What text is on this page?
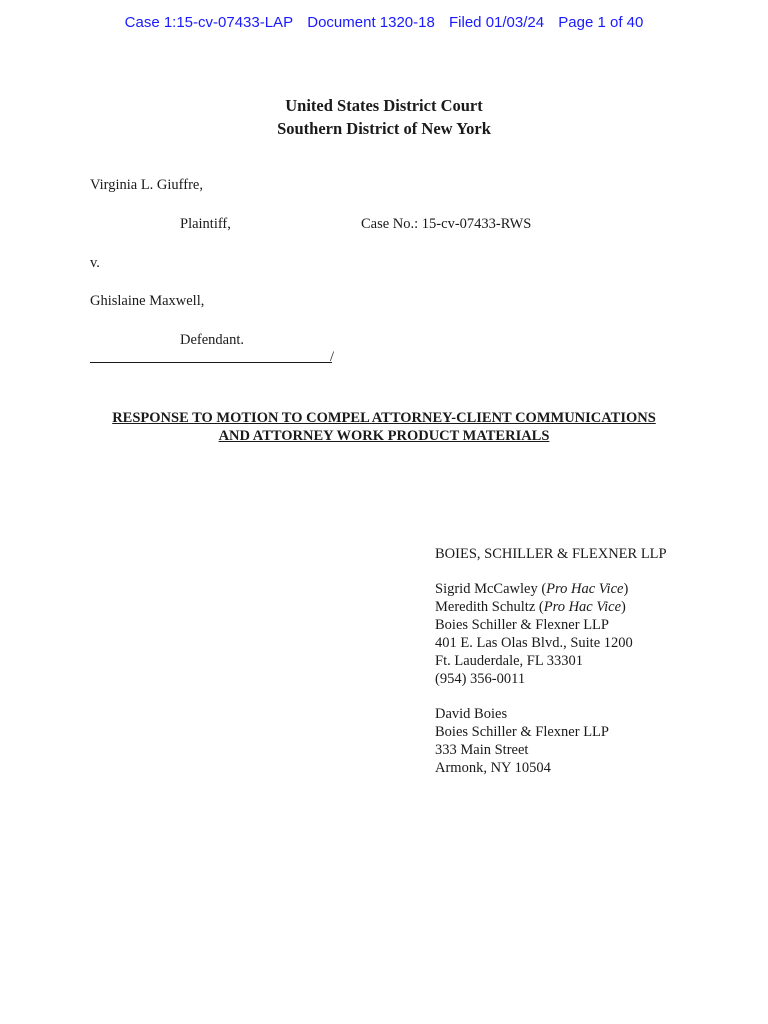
Case 1:15-cv-07433-LAP Document 1320-18 Filed 01/03/24 Page 1 of 40
United States District Court
Southern District of New York
Virginia L. Giuffre,
Plaintiff,	Case No.: 15-cv-07433-RWS
v.
Ghislaine Maxwell,
Defendant.
/
RESPONSE TO MOTION TO COMPEL ATTORNEY-CLIENT COMMUNICATIONS
AND ATTORNEY WORK PRODUCT MATERIALS
BOIES, SCHILLER & FLEXNER LLP
Sigrid McCawley (Pro Hac Vice)
Meredith Schultz (Pro Hac Vice)
Boies Schiller & Flexner LLP
401 E. Las Olas Blvd., Suite 1200
Ft. Lauderdale, FL 33301
(954) 356-0011
David Boies
Boies Schiller & Flexner LLP
333 Main Street
Armonk, NY 10504
